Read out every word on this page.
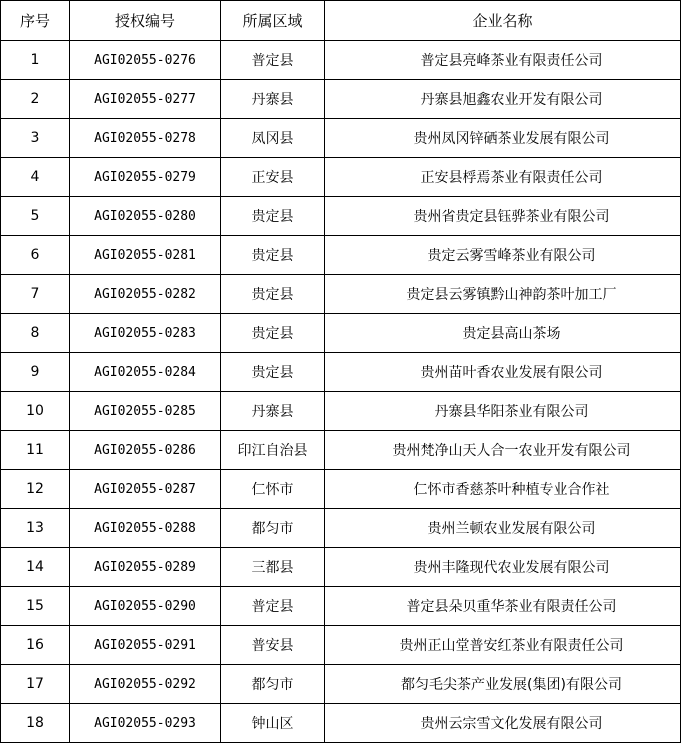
序号	授权编号	所属区域	企业名称
1	AGI02055-0276	普定县	普定县亮峰茶业有限责任公司
2	AGI02055-0277	丹寨县	丹寨县旭鑫农业开发有限公司
3	AGI02055-0278	凤冈县	贵州凤冈锌硒茶业发展有限公司
4	AGI02055-0279	正安县	正安县桴焉茶业有限责任公司
5	AGI02055-0280	贵定县	贵州省贵定县钰骅茶业有限公司
6	AGI02055-0281	贵定县	贵定云雾雪峰茶业有限公司
7	AGI02055-0282	贵定县	贵定县云雾镇黔山神韵茶叶加工厂
8	AGI02055-0283	贵定县	贵定县高山茶场
9	AGI02055-0284	贵定县	贵州苗叶香农业发展有限公司
10	AGI02055-0285	丹寨县	丹寨县华阳茶业有限公司
11	AGI02055-0286	印江自治县	贵州梵净山天人合一农业开发有限公司
12	AGI02055-0287	仁怀市	仁怀市香慈茶叶种植专业合作社
13	AGI02055-0288	都匀市	贵州兰顿农业发展有限公司
14	AGI02055-0289	三都县	贵州丰隆现代农业发展有限公司
15	AGI02055-0290	普定县	普定县朵贝重华茶业有限责任公司
16	AGI02055-0291	普安县	贵州正山堂普安红茶业有限责任公司
17	AGI02055-0292	都匀市	都匀毛尖茶产业发展(集团)有限公司
18	AGI02055-0293	钟山区	贵州云宗雪文化发展有限公司
